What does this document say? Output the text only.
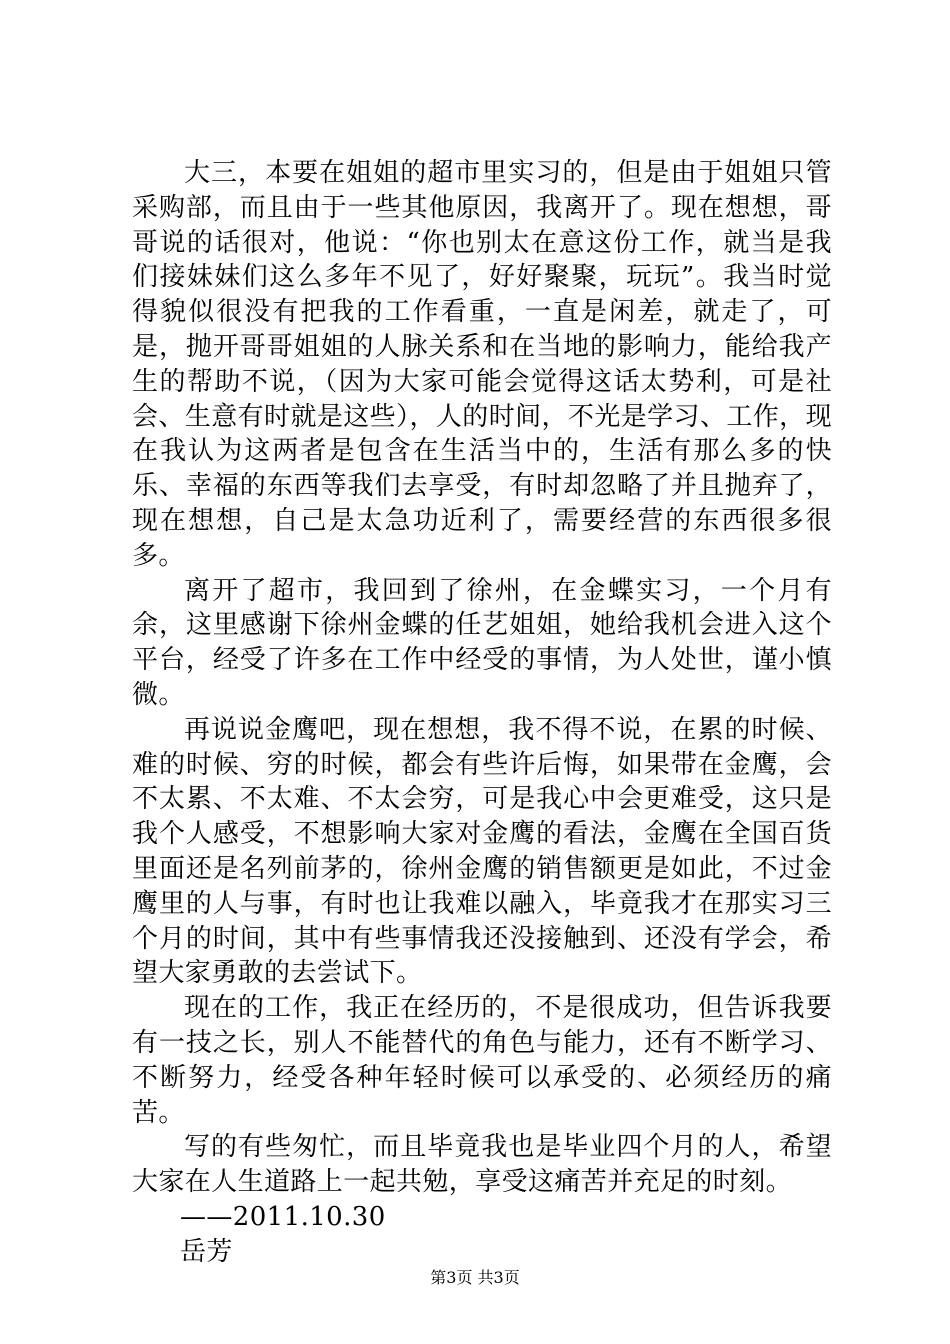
大三，本要在姐姐的超市里实习的，但是由于姐姐只管采购部，而且由于一些其他原因，我离开了。现在想想，哥哥说的话很对，他说：“你也别太在意这份工作，就当是我们接妹妹们这么多年不见了，好好聚聚，玩玩”。我当时觉得貌似很没有把我的工作看重，一直是闲差，就走了，可是，抛开哥哥姐姐的人脉关系和在当地的影响力，能给我产生的帮助不说，（因为大家可能会觉得这话太势利，可是社会、生意有时就是这些），人的时间，不光是学习、工作，现在我认为这两者是包含在生活当中的，生活有那么多的快乐、幸福的东西等我们去享受，有时却忽略了并且抛弃了，现在想想，自己是太急功近利了，需要经营的东西很多很多。

离开了超市，我回到了徐州，在金蝶实习，一个月有余，这里感谢下徐州金蝶的任艺姐姐，她给我机会进入这个平台，经受了许多在工作中经受的事情，为人处世，谨小慎微。

再说说金鹰吧，现在想想，我不得不说，在累的时候、难的时候、穷的时候，都会有些许后悔，如果带在金鹰，会不太累、不太难、不太会穷，可是我心中会更难受，这只是我个人感受，不想影响大家对金鹰的看法，金鹰在全国百货里面还是名列前茅的，徐州金鹰的销售额更是如此，不过金鹰里的人与事，有时也让我难以融入，毕竟我才在那实习三个月的时间，其中有些事情我还没接触到、还没有学会，希望大家勇敢的去尝试下。

现在的工作，我正在经历的，不是很成功，但告诉我要有一技之长，别人不能替代的角色与能力，还有不断学习、不断努力，经受各种年轻时候可以承受的、必须经历的痛苦。

写的有些匆忙，而且毕竟我也是毕业四个月的人，希望大家在人生道路上一起共勉，享受这痛苦并充足的时刻。

——2011.10.30

岳芳

第3页 共3页
